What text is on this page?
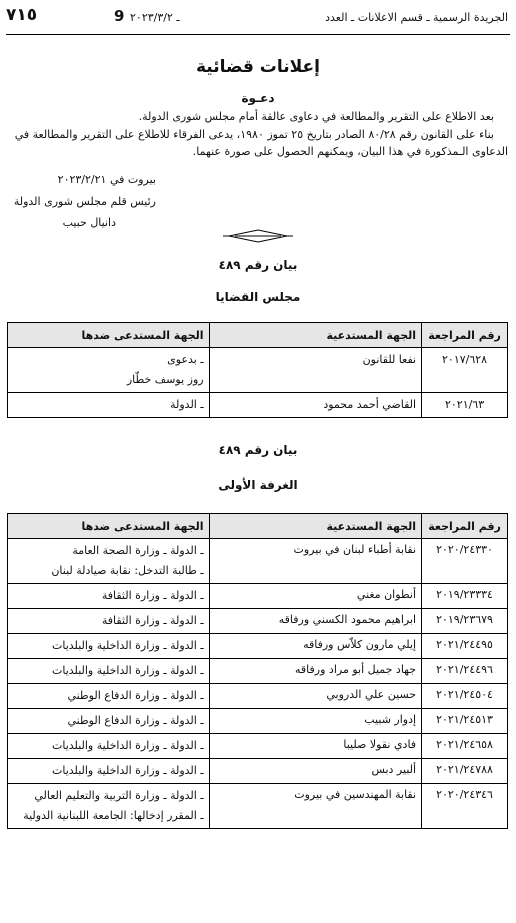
الجريدة الرسمية ـ قسم الاعلانات ـ العدد
9 ـ ٢٠٢٣/٣/٢
٧١٥
إعلانات قضائية
دعـوة
بعد الاطلاع على التقرير والمطالعة في دعاوى عالقة أمام مجلس شورى الدولة.
بناء على القانون رقم ٨٠/٢٨ الصادر بتاريخ ٢٥ تموز ١٩٨٠، يدعى الفرقاء للاطلاع على التقرير والمطالعة في الدعاوى الـمذكورة في هذا البيان، ويمكنهم الحصول على صورة عنهما.
بيروت في ٢٠٢٣/٢/٢١
رئيس قلم مجلس شورى الدولة
دانيال حبيب
بيان رقم ٤٨٩
مجلس القضايا
رقم المراجعة	الجهة المستدعية	الجهة المستدعى ضدها
٢٠١٧/٦٢٨	نفعا للقانون	ـ بدعوى
روز يوسف خطّار

٢٠٢١/٦٣	القاضي أحمد محمود	ـ الدولة
بيان رقم ٤٨٩
الغرفة الأولى
رقم المراجعة	الجهة المستدعية	الجهة المستدعى ضدها
٢٠٢٠/٢٤٣٣٠	نقابة أطباء لبنان في بيروت	ـ الدولة ـ وزارة الصحة العامة
ـ طالبة التدخل: نقابة صيادلة لبنان

٢٠١٩/٢٣٣٣٤	أنطوان مغني	ـ الدولة ـ وزارة الثقافة

٢٠١٩/٢٣٦٧٩	ابراهيم محمود الكسني ورفاقه	ـ الدولة ـ وزارة الثقافة

٢٠٢١/٢٤٤٩٥	إيلي مارون كلاّس ورفاقه	ـ الدولة ـ وزارة الداخلية والبلديات

٢٠٢١/٢٤٤٩٦	جهاد جميل أبو مراد ورفاقه	ـ الدولة ـ وزارة الداخلية والبلديات

٢٠٢١/٢٤٥٠٤	حسين علي الدروبي	ـ الدولة ـ وزارة الدفاع الوطني

٢٠٢١/٢٤٥١٣	إدوار شبيب	ـ الدولة ـ وزارة الدفاع الوطني

٢٠٢١/٢٤٦٥٨	فادي نقولا صليبا	ـ الدولة ـ وزارة الداخلية والبلديات

٢٠٢١/٢٤٧٨٨	ألبير دبس	ـ الدولة ـ وزارة الداخلية والبلديات

٢٠٢٠/٢٤٣٤٦	نقابة المهندسين في بيروت	ـ الدولة ـ وزارة التربية والتعليم العالي
ـ المقرر إدخالها: الجامعة اللبنانية الدولية
